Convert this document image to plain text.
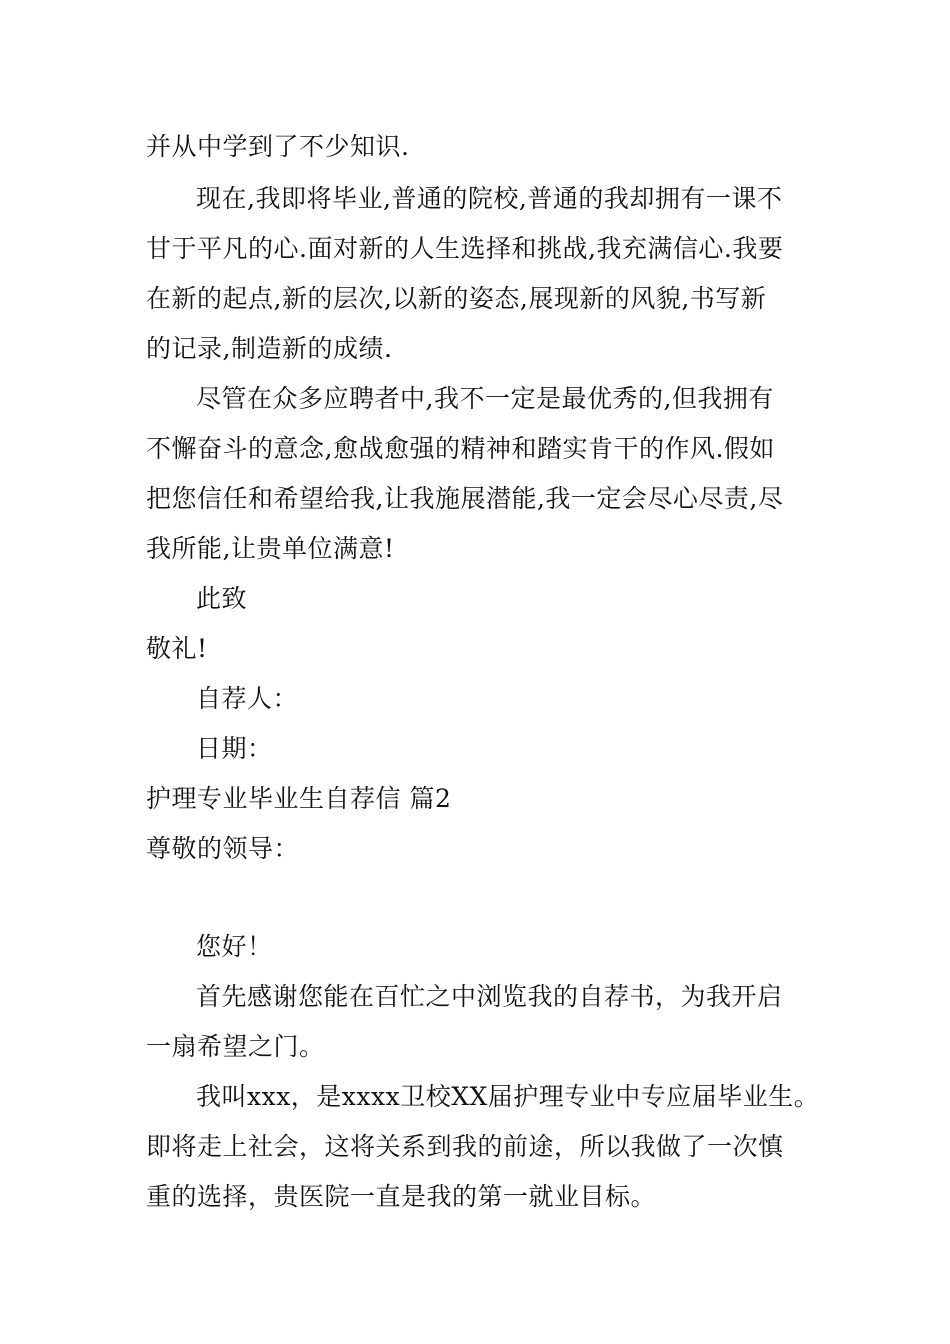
并从中学到了不少知识.
现在,我即将毕业,普通的院校,普通的我却拥有一课不
甘于平凡的心.面对新的人生选择和挑战,我充满信心.我要
在新的起点,新的层次,以新的姿态,展现新的风貌,书写新
的记录,制造新的成绩.
尽管在众多应聘者中,我不一定是最优秀的,但我拥有
不懈奋斗的意念,愈战愈强的精神和踏实肯干的作风.假如
把您信任和希望给我,让我施展潜能,我一定会尽心尽责,尽
我所能,让贵单位满意!
此致
敬礼!
自荐人：
日期：
护理专业毕业生自荐信 篇2
尊敬的领导：
您好！
首先感谢您能在百忙之中浏览我的自荐书，为我开启
一扇希望之门。
我叫xxx，是xxxx卫校XX届护理专业中专应届毕业生。
即将走上社会，这将关系到我的前途，所以我做了一次慎
重的选择，贵医院一直是我的第一就业目标。
